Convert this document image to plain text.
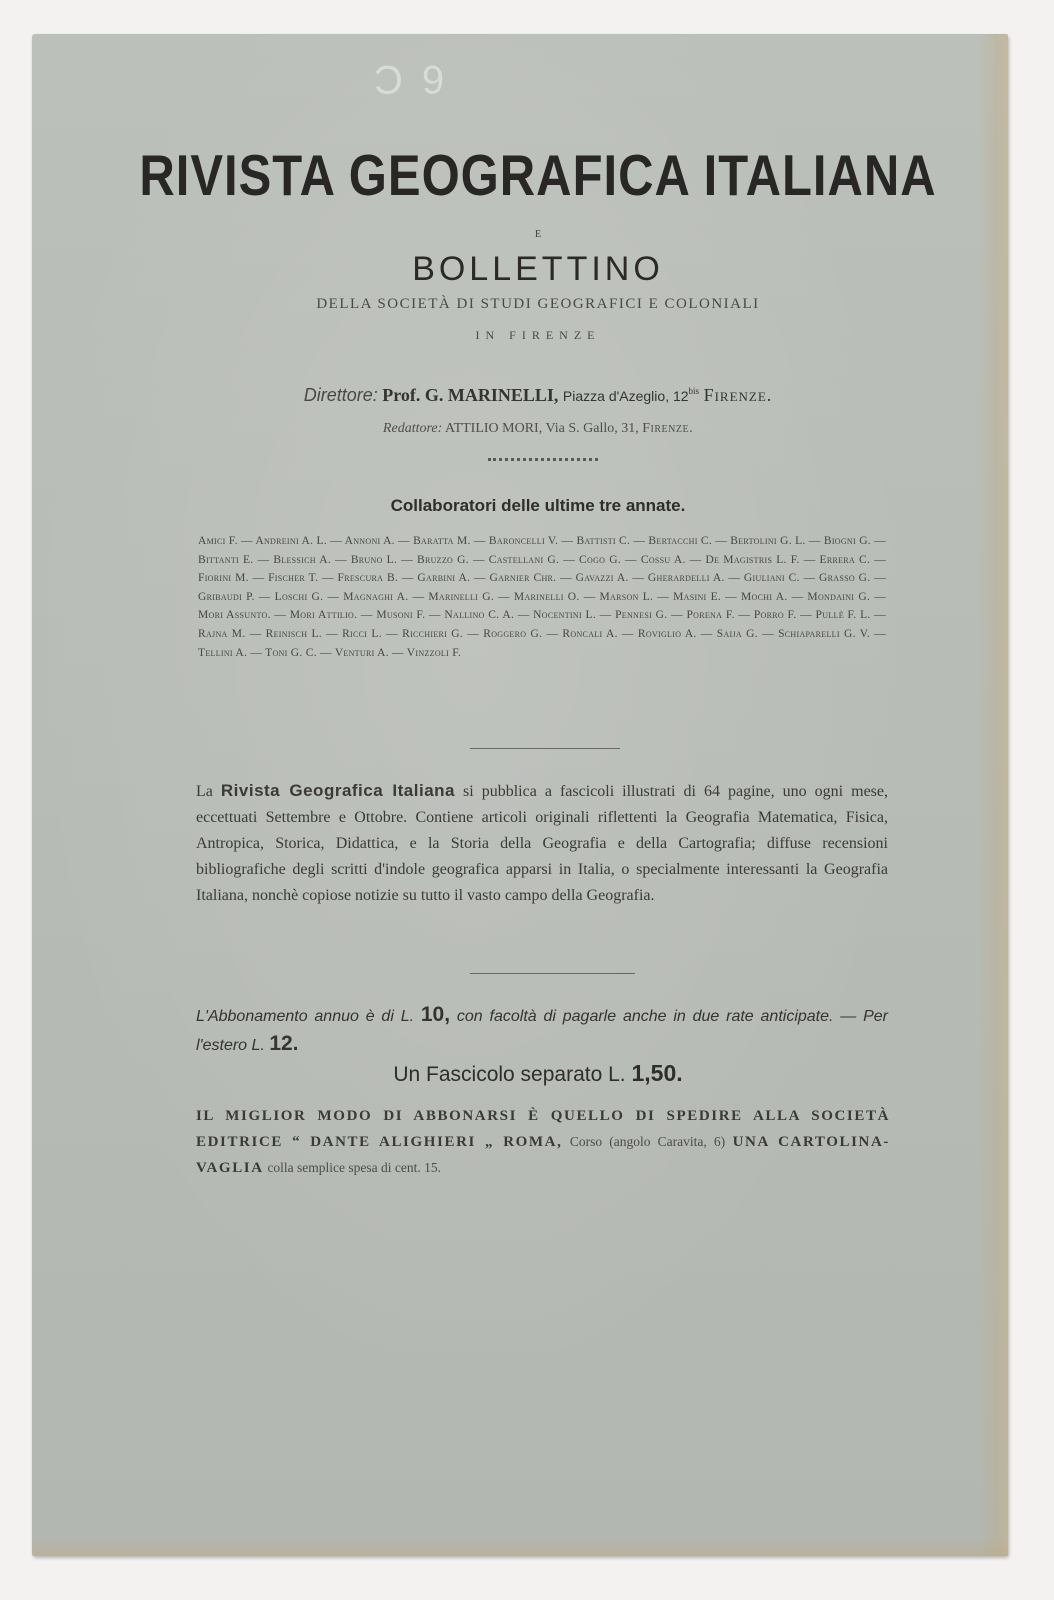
6 C
RIVISTA GEOGRAFICA ITALIANA
E
BOLLETTINO
DELLA SOCIETÀ DI STUDI GEOGRAFICI E COLONIALI
IN FIRENZE
Direttore: Prof. G. MARINELLI, Piazza d'Azeglio, $12^{bis}$ Firenze.
Redattore: ATTILIO MORI, Via S. Gallo, 31, Firenze.
Collaboratori delle ultime tre annate.
Amici F. — Andreini A. L. — Annoni A. — Baratta M. — Baroncelli V. — Battisti C. — Bertacchi C. — Bertolini G. L. — Biogni G. — Bittanti E. — Blessich A. — Bruno L. — Bruzzo G. — Castellani G. — Cogo G. — Cossu A. — De Magistris L. F. — Errera C. — Fiorini M. — Fischer T. — Frescura B. — Garbini A. — Garnier Chr. — Gavazzi A. — Gherardelli A. — Giuliani C. — Grasso G. — Gribaudi P. — Loschi G. — Magnaghi A. — Marinelli G. — Marinelli O. — Marson L. — Masini E. — Mochi A. — Mondaini G. — Mori Assunto. — Mori Attilio. — Musoni F. — Nallino C. A. — Nocentini L. — Pennesi G. — Porena F. — Porro F. — Pullè F. L. — Rajna M. — Reinisch L. — Ricci L. — Ricchieri G. — Roggero G. — Roncali A. — Roviglio A. — Saija G. — Schiaparelli G. V. — Tellini A. — Toni G. C. — Venturi A. — Vinzzoli F.
La Rivista Geografica Italiana si pubblica a fascicoli illustrati di 64 pagine, uno ogni mese, eccettuati Settembre e Ottobre. Contiene articoli originali riflettenti la Geografia Matematica, Fisica, Antropica, Storica, Didattica, e la Storia della Geografia e della Cartografia; diffuse recensioni bibliografiche degli scritti d'indole geografica apparsi in Italia, o specialmente interessanti la Geografia Italiana, nonchè copiose notizie su tutto il vasto campo della Geografia.
L'Abbonamento annuo è di L. 10, con facoltà di pagarle anche in due rate anticipate. — Per l'estero L. 12.
Un Fascicolo separato L. 1,50.
IL MIGLIOR MODO DI ABBONARSI È QUELLO DI SPEDIRE ALLA SOCIETÀ EDITRICE “ DANTE ALIGHIERI „ ROMA, Corso (angolo Caravita, 6) UNA CARTOLINA-VAGLIA colla semplice spesa di cent. 15.
